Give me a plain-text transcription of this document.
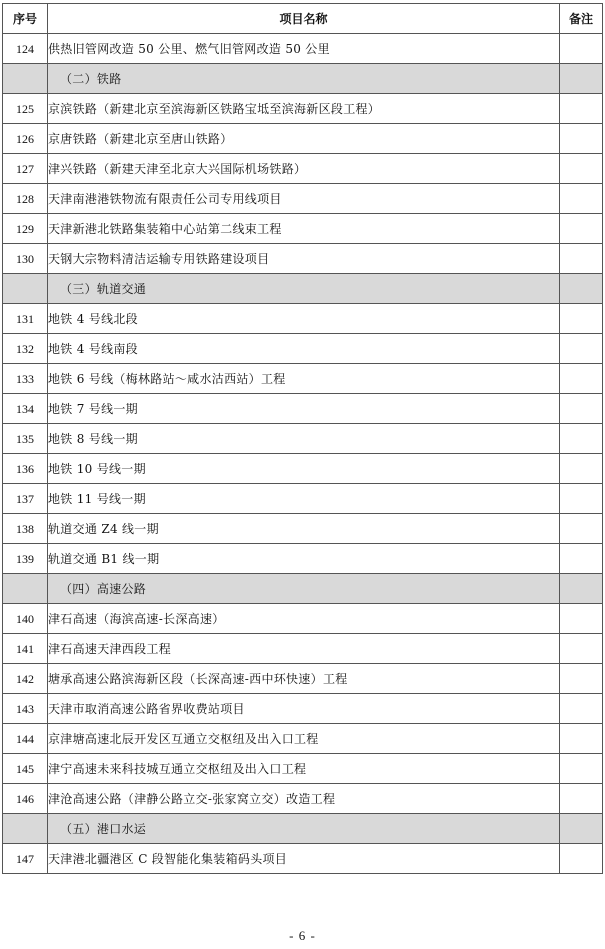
序号	项目名称	备注
124	供热旧管网改造 50 公里、燃气旧管网改造 50 公里	
	（二）铁路	
125	京滨铁路（新建北京至滨海新区铁路宝坻至滨海新区段工程）	
126	京唐铁路（新建北京至唐山铁路）	
127	津兴铁路（新建天津至北京大兴国际机场铁路）	
128	天津南港港铁物流有限责任公司专用线项目	
129	天津新港北铁路集装箱中心站第二线束工程	
130	天钢大宗物料清洁运输专用铁路建设项目	
	（三）轨道交通	
131	地铁 4 号线北段	
132	地铁 4 号线南段	
133	地铁 6 号线（梅林路站～咸水沽西站）工程	
134	地铁 7 号线一期	
135	地铁 8 号线一期	
136	地铁 10 号线一期	
137	地铁 11 号线一期	
138	轨道交通 Z4 线一期	
139	轨道交通 B1 线一期	
	（四）高速公路	
140	津石高速（海滨高速-长深高速）	
141	津石高速天津西段工程	
142	塘承高速公路滨海新区段（长深高速-西中环快速）工程	
143	天津市取消高速公路省界收费站项目	
144	京津塘高速北辰开发区互通立交枢纽及出入口工程	
145	津宁高速未来科技城互通立交枢纽及出入口工程	
146	津沧高速公路（津静公路立交-张家窝立交）改造工程	
	（五）港口水运	
147	天津港北疆港区 C 段智能化集装箱码头项目	
- 6 -
